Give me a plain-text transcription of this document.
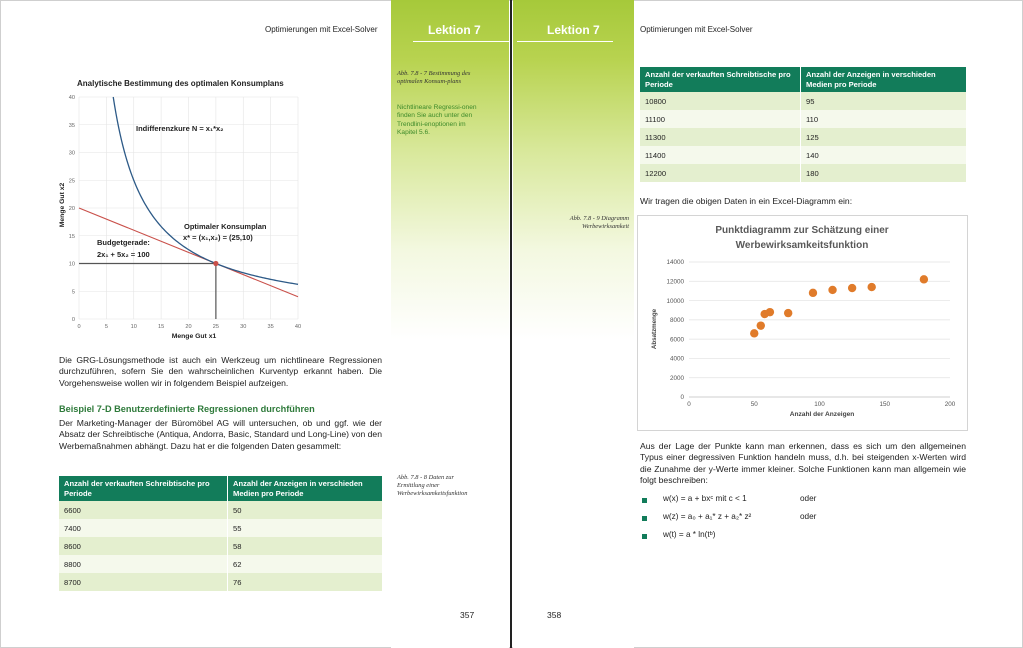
Optimierungen mit Excel-Solver	Lektion 7
Analytische Bestimmung des optimalen Konsumplans
0	5	10	15	20	25	30	35	40
0
5
10
15
20
25
30
35
40
Indifferenzkure N = x₁*x₂
Optimaler Konsumplan
x* = (x₁,x₂) = (25,10)
Budgetgerade:
2x₁ + 5x₂ = 100
Menge Gut x1
Menge Gut x2
Abb. 7.8 - 7 Bestimmung des optimalen Konsum-plans
Nichtlineare Regressi-onen finden Sie auch unter den Trendlini-enoptionen im Kapitel 5.6.
Die GRG-Lösungsmethode ist auch ein Werkzeug um nichtlineare Regressionen durchzuführen, sofern Sie den wahrscheinlichen Kurventyp erkannt haben. Die Vorgehensweise wollen wir in folgendem Beispiel aufzeigen.
Beispiel 7-D Benutzerdefinierte Regressionen durchführen
Der Marketing-Manager der Büromöbel AG will untersuchen, ob und ggf. wie der Absatz der Schreibtische (Antiqua, Andorra, Basic, Standard und Long-Line) von den Werbemaßnahmen abhängt. Dazu hat er die folgenden Daten gesammelt:
Abb. 7.8 - 8 Daten zur Ermittlung einer Werbewirksamkeitsfunktion
Anzahl der verkauften Schreibtische pro Periode	Anzahl der Anzeigen in verschieden Medien pro Periode
6600	50
7400	55
8600	58
8800	62
8700	76
357
Lektion 7	Optimierungen mit Excel-Solver
Anzahl der verkauften Schreibtische pro Periode	Anzahl der Anzeigen in verschieden Medien pro Periode
10800	95
11100	110
11300	125
11400	140
12200	180
Wir tragen die obigen Daten in ein Excel-Diagramm ein:
Abb. 7.8 - 9 Diagramm Werbewirksamkeit	Punktdiagramm zur Schätzung einer
Werbewirksamkeitsfunktion
0
2000
4000
6000
8000
10000
12000
14000
0	50	100	150	200
Anzahl der Anzeigen
Absatzmenge
Aus der Lage der Punkte kann man erkennen, dass es sich um den allgemeinen Typus einer degressiven Funktion handeln muss, d.h. bei steigenden x-Werten wird die Zunahme der y-Werte immer kleiner. Solche Funktionen kann man allgemein wie folgt beschreiben:
w(x) = a + bxᶜ mit c < 1	oder
w(z) = a₀ + a₁* z + a₂* z²	oder
w(t) = a * ln(tᵇ)
358
